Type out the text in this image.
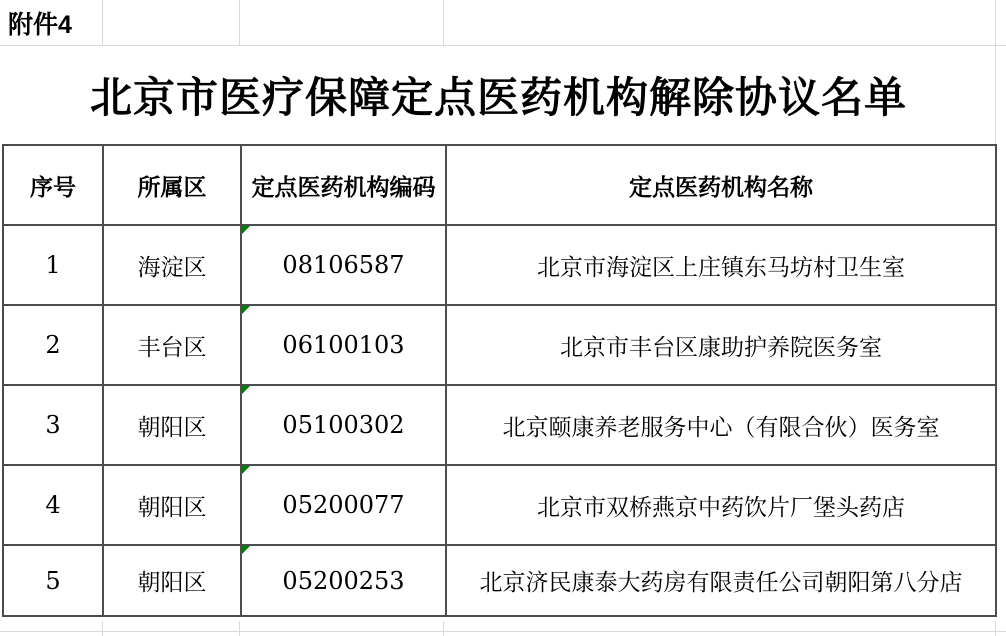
附件4
北京市医疗保障定点医药机构解除协议名单
序号	所属区	定点医药机构编码	定点医药机构名称
1	海淀区	08106587	北京市海淀区上庄镇东马坊村卫生室
2	丰台区	06100103	北京市丰台区康助护养院医务室
3	朝阳区	05100302	北京颐康养老服务中心（有限合伙）医务室
4	朝阳区	05200077	北京市双桥燕京中药饮片厂堡头药店
5	朝阳区	05200253	北京济民康泰大药房有限责任公司朝阳第八分店
